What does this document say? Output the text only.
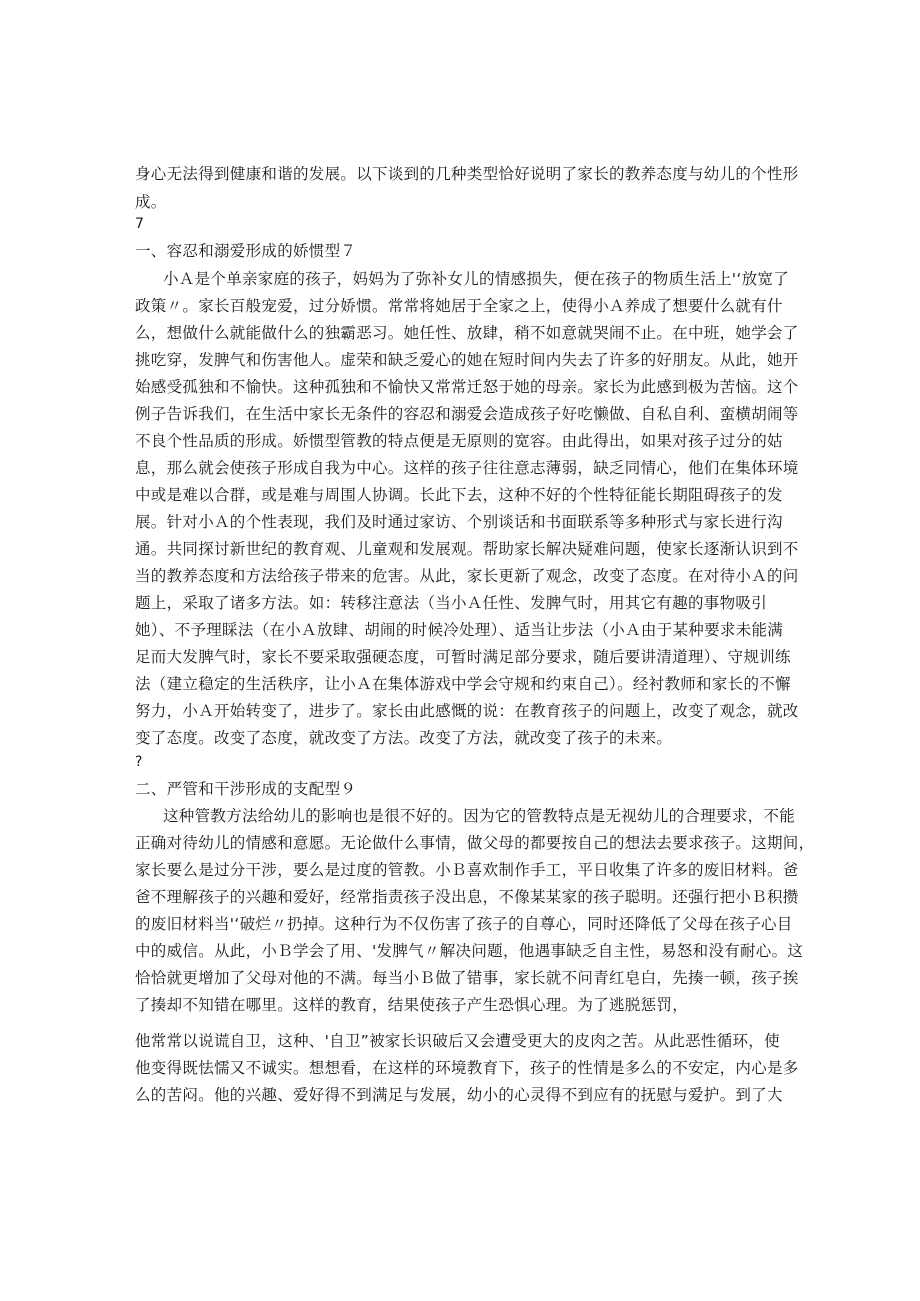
身心无法得到健康和谐的发展。以下谈到的几种类型恰好说明了家长的教养态度与幼儿的个性形
成。
7
一、容忍和溺爱形成的娇惯型７
小Ａ是个单亲家庭的孩子，妈妈为了弥补女儿的情感损失，便在孩子的物质生活上'‘放宽了
政策〃。家长百般宠爱，过分娇惯。常常将她居于全家之上，使得小Ａ养成了想要什么就有什
么，想做什么就能做什么的独霸恶习。她任性、放肆，稍不如意就哭闹不止。在中班，她学会了
挑吃穿，发脾气和伤害他人。虚荣和缺乏爱心的她在短时间内失去了许多的好朋友。从此，她开
始感受孤独和不愉快。这种孤独和不愉快又常常迁怒于她的母亲。家长为此感到极为苦恼。这个
例子告诉我们，在生活中家长无条件的容忍和溺爱会造成孩子好吃懒做、自私自利、蛮横胡闹等
不良个性品质的形成。娇惯型管教的特点便是无原则的宽容。由此得出，如果对孩子过分的姑
息，那么就会使孩子形成自我为中心。这样的孩子往往意志薄弱，缺乏同情心，他们在集体环境
中或是难以合群，或是难与周围人协调。长此下去，这种不好的个性特征能长期阻碍孩子的发
展。针对小Ａ的个性表现，我们及时通过家访、个别谈话和书面联系等多种形式与家长进行沟
通。共同探讨新世纪的教育观、儿童观和发展观。帮助家长解决疑难问题，使家长逐渐认识到不
当的教养态度和方法给孩子带来的危害。从此，家长更新了观念，改变了态度。在对待小Ａ的问
题上，采取了诸多方法。如：转移注意法（当小Ａ任性、发脾气时，用其它有趣的事物吸引
她）、不予理睬法（在小Ａ放肆、胡闹的时候冷处理）、适当让步法（小Ａ由于某种要求未能满
足而大发脾气时，家长不要采取强硬态度，可暂时满足部分要求，随后要讲清道理）、守规训练
法（建立稳定的生活秩序，让小Ａ在集体游戏中学会守规和约束自己）。经衬教师和家长的不懈
努力，小Ａ开始转变了，进步了。家长由此感慨的说：在教育孩子的问题上，改变了观念，就改
变了态度。改变了态度，就改变了方法。改变了方法，就改变了孩子的未来。
?
二、严管和干涉形成的支配型９
这种管教方法给幼儿的影响也是很不好的。因为它的管教特点是无视幼儿的合理要求，不能
正确对待幼儿的情感和意愿。无论做什么事情，做父母的都要按自己的想法去要求孩子。这期间，
家长要么是过分干涉，要么是过度的管教。小Ｂ喜欢制作手工，平日收集了许多的废旧材料。爸
爸不理解孩子的兴趣和爱好，经常指责孩子没出息，不像某某家的孩子聪明。还强行把小Ｂ积攒
的废旧材料当'‘破烂〃扔掉。这种行为不仅伤害了孩子的自尊心，同时还降低了父母在孩子心目
中的威信。从此，小Ｂ学会了用、'发脾气〃解决问题，他遇事缺乏自主性，易怒和没有耐心。这
恰恰就更增加了父母对他的不满。每当小Ｂ做了错事，家长就不问青红皂白，先揍一顿，孩子挨
了揍却不知错在哪里。这样的教育，结果使孩子产生恐惧心理。为了逃脱惩罚，
他常常以说谎自卫，这种、'自卫”被家长识破后又会遭受更大的皮肉之苦。从此恶性循环，使
他变得既怯懦又不诚实。想想看，在这样的环境教育下，孩子的性情是多么的不安定，内心是多
么的苦闷。他的兴趣、爱好得不到满足与发展，幼小的心灵得不到应有的抚慰与爱护。到了大
